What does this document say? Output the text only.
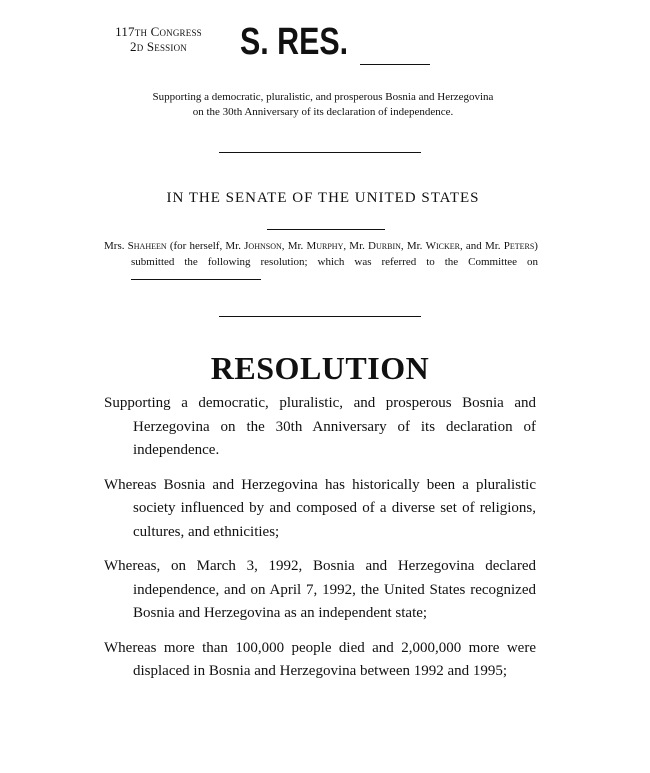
117th Congress
2d Session	S. RES.
Supporting a democratic, pluralistic, and prosperous Bosnia and Herzegovina
on the 30th Anniversary of its declaration of independence.
IN THE SENATE OF THE UNITED STATES

Mrs. Shaheen (for herself, Mr. Johnson, Mr. Murphy, Mr. Durbin, Mr. Wicker, and Mr. Peters) submitted the following resolution; which was referred to the Committee on

RESOLUTION

Supporting a democratic, pluralistic, and prosperous Bosnia and Herzegovina on the 30th Anniversary of its declaration of independence.

Whereas Bosnia and Herzegovina has historically been a pluralistic society influenced by and composed of a diverse set of religions, cultures, and ethnicities;

Whereas, on March 3, 1992, Bosnia and Herzegovina declared independence, and on April 7, 1992, the United States recognized Bosnia and Herzegovina as an independent state;

Whereas more than 100,000 people died and 2,000,000 more were displaced in Bosnia and Herzegovina between 1992 and 1995;
